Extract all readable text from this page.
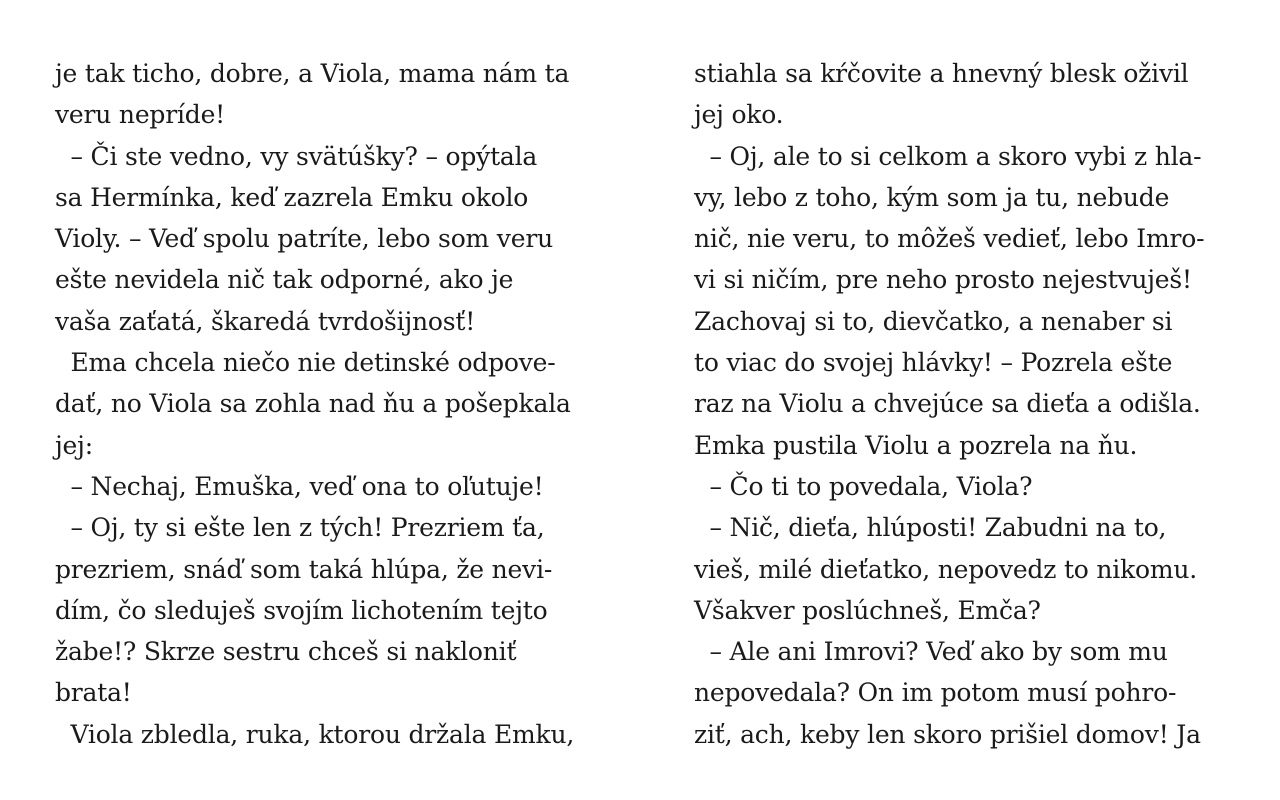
je tak ticho, dobre, a Viola, mama nám ta
veru nepríde!
– Či ste vedno, vy svätúšky? – opýtala
sa Hermínka, keď zazrela Emku okolo
Violy. – Veď spolu patríte, lebo som veru
ešte nevidela nič tak odporné, ako je
vaša zaťatá, škaredá tvrdošijnosť!
Ema chcela niečo nie detinské odpove-
dať, no Viola sa zohla nad ňu a pošepkala
jej:
– Nechaj, Emuška, veď ona to oľutuje!
– Oj, ty si ešte len z tých! Prezriem ťa,
prezriem, snáď som taká hlúpa, že nevi-
dím, čo sleduješ svojím lichotením tejto
žabe!? Skrze sestru chceš si nakloniť
brata!
Viola zbledla, ruka, ktorou držala Emku,
stiahla sa kŕčovite a hnevný blesk oživil
jej oko.
– Oj, ale to si celkom a skoro vybi z hla-
vy, lebo z toho, kým som ja tu, nebude
nič, nie veru, to môžeš vedieť, lebo Imro-
vi si ničím, pre neho prosto nejestvuješ!
Zachovaj si to, dievčatko, a nenaber si
to viac do svojej hlávky! – Pozrela ešte
raz na Violu a chvejúce sa dieťa a odišla.
Emka pustila Violu a pozrela na ňu.
– Čo ti to povedala, Viola?
– Nič, dieťa, hlúposti! Zabudni na to,
vieš, milé dieťatko, nepovedz to nikomu.
Všakver poslúchneš, Emča?
– Ale ani Imrovi? Veď ako by som mu
nepovedala? On im potom musí pohro-
ziť, ach, keby len skoro prišiel domov! Ja
